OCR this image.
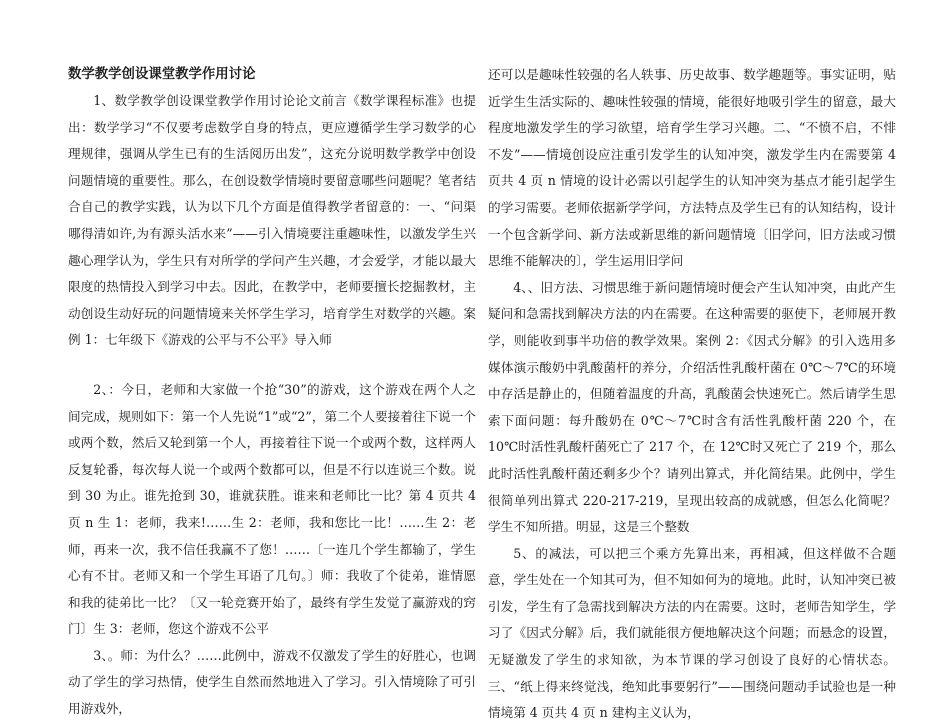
数学教学创设课堂教学作用讨论

1、数学教学创设课堂教学作用讨论论文前言《数学课程标准》也提出：数学学习“不仅要考虑数学自身的特点，更应遵循学生学习数学的心理规律，强调从学生已有的生活阅历出发”，这充分说明数学教学中创设问题情境的重要性。那么，在创设数学情境时要留意哪些问题呢？笔者结合自己的教学实践，认为以下几个方面是值得教学者留意的：一、“问渠哪得清如许,为有源头活水来”——引入情境要注重趣味性，以激发学生兴趣心理学认为，学生只有对所学的学问产生兴趣，才会爱学，才能以最大限度的热情投入到学习中去。因此，在教学中，老师要擅长挖掘教材，主动创设生动好玩的问题情境来关怀学生学习，培育学生对数学的兴趣。案例 1：七年级下《游戏的公平与不公平》导入师

2、：今日，老师和大家做一个抢“30”的游戏，这个游戏在两个人之间完成，规则如下：第一个人先说“1”或“2”，第二个人要接着往下说一个或两个数，然后又轮到第一个人，再接着往下说一个或两个数，这样两人反复轮番，每次每人说一个或两个数都可以，但是不行以连说三个数。说到 30 为止。谁先抢到 30，谁就获胜。谁来和老师比一比？第 4 页共 4 页 n 生 1：老师，我来!……生 2：老师，我和您比一比！……生 2：老师，再来一次，我不信任我赢不了您！……〔一连几个学生都输了，学生心有不甘。老师又和一个学生耳语了几句。〕师：我收了个徒弟，谁情愿和我的徒弟比一比？〔又一轮竞赛开始了，最终有学生发觉了赢游戏的窍门〕生 3：老师，您这个游戏不公平

3、。师：为什么？……此例中，游戏不仅激发了学生的好胜心，也调动了学生的学习热情，使学生自然而然地进入了学习。引入情境除了可引用游戏外，

还可以是趣味性较强的名人轶事、历史故事、数学趣题等。事实证明，贴近学生生活实际的、趣味性较强的情境，能很好地吸引学生的留意，最大程度地激发学生的学习欲望，培育学生学习兴趣。二、“不愤不启，不悱不发”——情境创设应注重引发学生的认知冲突，激发学生内在需要第 4 页共 4 页 n 情境的设计必需以引起学生的认知冲突为基点才能引起学生的学习需要。老师依据新学学问，方法特点及学生已有的认知结构，设计一个包含新学问、新方法或新思维的新问题情境〔旧学问，旧方法或习惯思维不能解决的〕，学生运用旧学问

4、、旧方法、习惯思维于新问题情境时便会产生认知冲突，由此产生疑问和急需找到解决方法的内在需要。在这种需要的驱使下，老师展开教学，则能收到事半功倍的教学效果。案例 2：《因式分解》的引入选用多媒体演示酸奶中乳酸菌杆的养分，介绍活性乳酸杆菌在 0℃～7℃的环境中存活是静止的，但随着温度的升高，乳酸菌会快速死亡。然后请学生思索下面问题：每升酸奶在 0℃～7℃时含有活性乳酸杆菌 220 个，在 10℃时活性乳酸杆菌死亡了 217 个，在 12℃时又死亡了 219 个，那么此时活性乳酸杆菌还剩多少个？请列出算式，并化简结果。此例中，学生很简单列出算式 220-217-219，呈现出较高的成就感，但怎么化简呢？学生不知所措。明显，这是三个整数

5、的减法，可以把三个乘方先算出来，再相减，但这样做不合题意，学生处在一个知其可为，但不知如何为的境地。此时，认知冲突已被引发，学生有了急需找到解决方法的内在需要。这时，老师告知学生，学习了《因式分解》后，我们就能很方便地解决这个问题；而悬念的设置，无疑激发了学生的求知欲，为本节课的学习创设了良好的心情状态。三、“纸上得来终觉浅，绝知此事要躬行”——围绕问题动手试验也是一种情境第 4 页共 4 页 n 建构主义认为，
